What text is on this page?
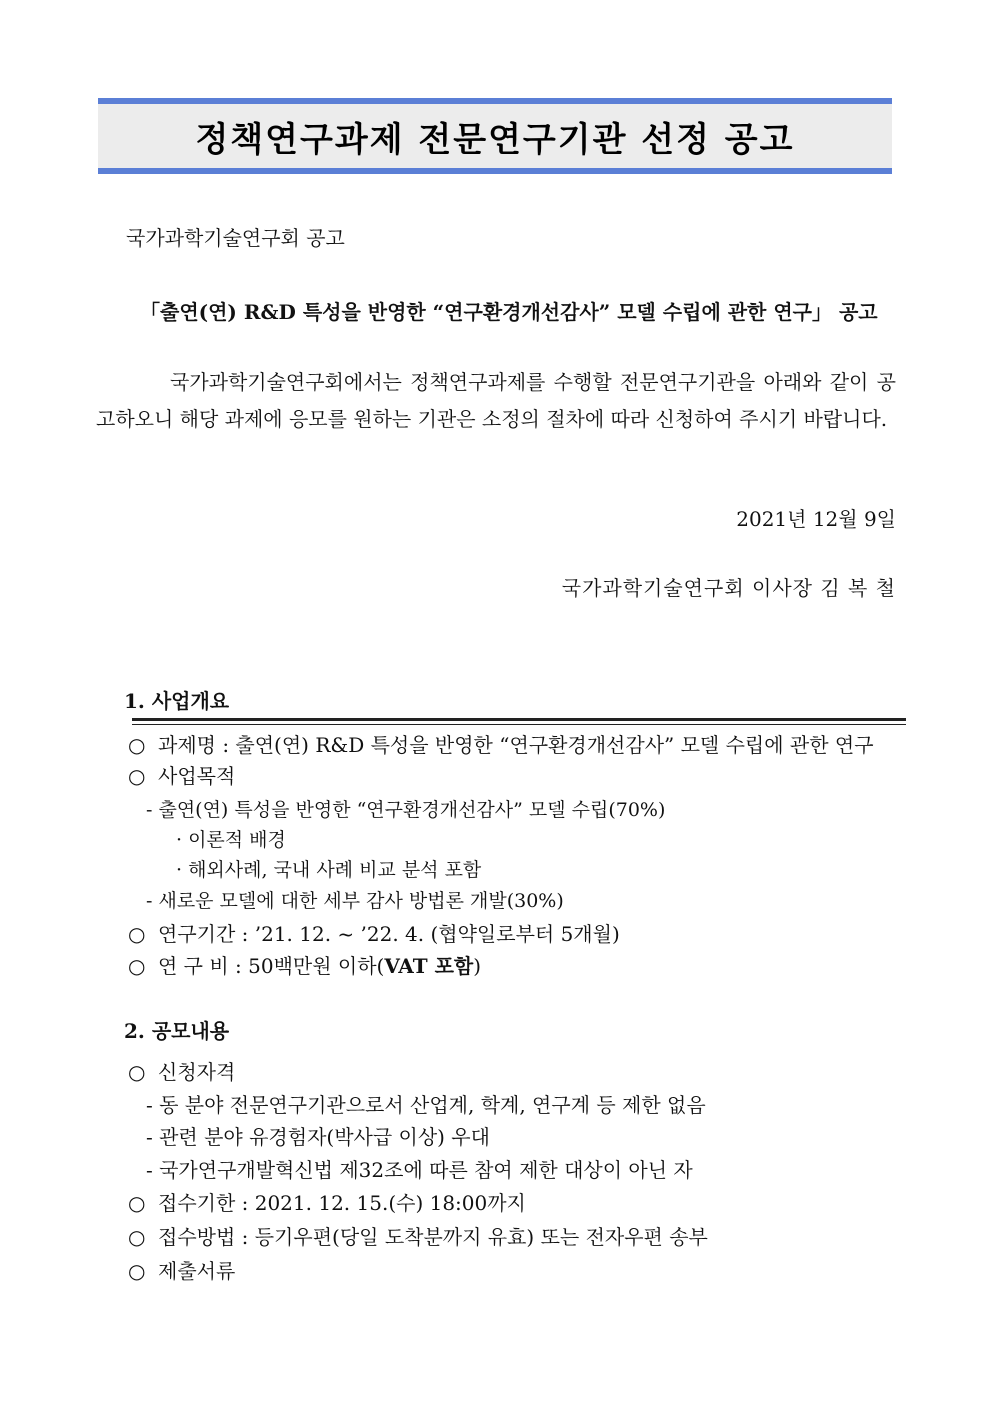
정책연구과제 전문연구기관 선정 공고
국가과학기술연구회 공고
「출연(연) R&D 특성을 반영한 “연구환경개선감사” 모델 수립에 관한 연구」 공고
국가과학기술연구회에서는 정책연구과제를 수행할 전문연구기관을 아래와 같이 공고하오니 해당 과제에 응모를 원하는 기관은 소정의 절차에 따라 신청하여 주시기 바랍니다.
2021년 12월 9일
국가과학기술연구회 이사장 김 복 철
1. 사업개요
○ 과제명 : 출연(연) R&D 특성을 반영한 “연구환경개선감사” 모델 수립에 관한 연구
○ 사업목적
- 출연(연) 특성을 반영한 “연구환경개선감사” 모델 수립(70%)
· 이론적 배경
· 해외사례, 국내 사례 비교 분석 포함
- 새로운 모델에 대한 세부 감사 방법론 개발(30%)
○ 연구기간 : ’21. 12. ~ ’22. 4. (협약일로부터 5개월)
○ 연 구 비 : 50백만원 이하(VAT 포함)
2. 공모내용
○ 신청자격
- 동 분야 전문연구기관으로서 산업계, 학계, 연구계 등 제한 없음
- 관련 분야 유경험자(박사급 이상) 우대
- 국가연구개발혁신법 제32조에 따른 참여 제한 대상이 아닌 자
○ 접수기한 : 2021. 12. 15.(수) 18:00까지
○ 접수방법 : 등기우편(당일 도착분까지 유효) 또는 전자우편 송부
○ 제출서류
